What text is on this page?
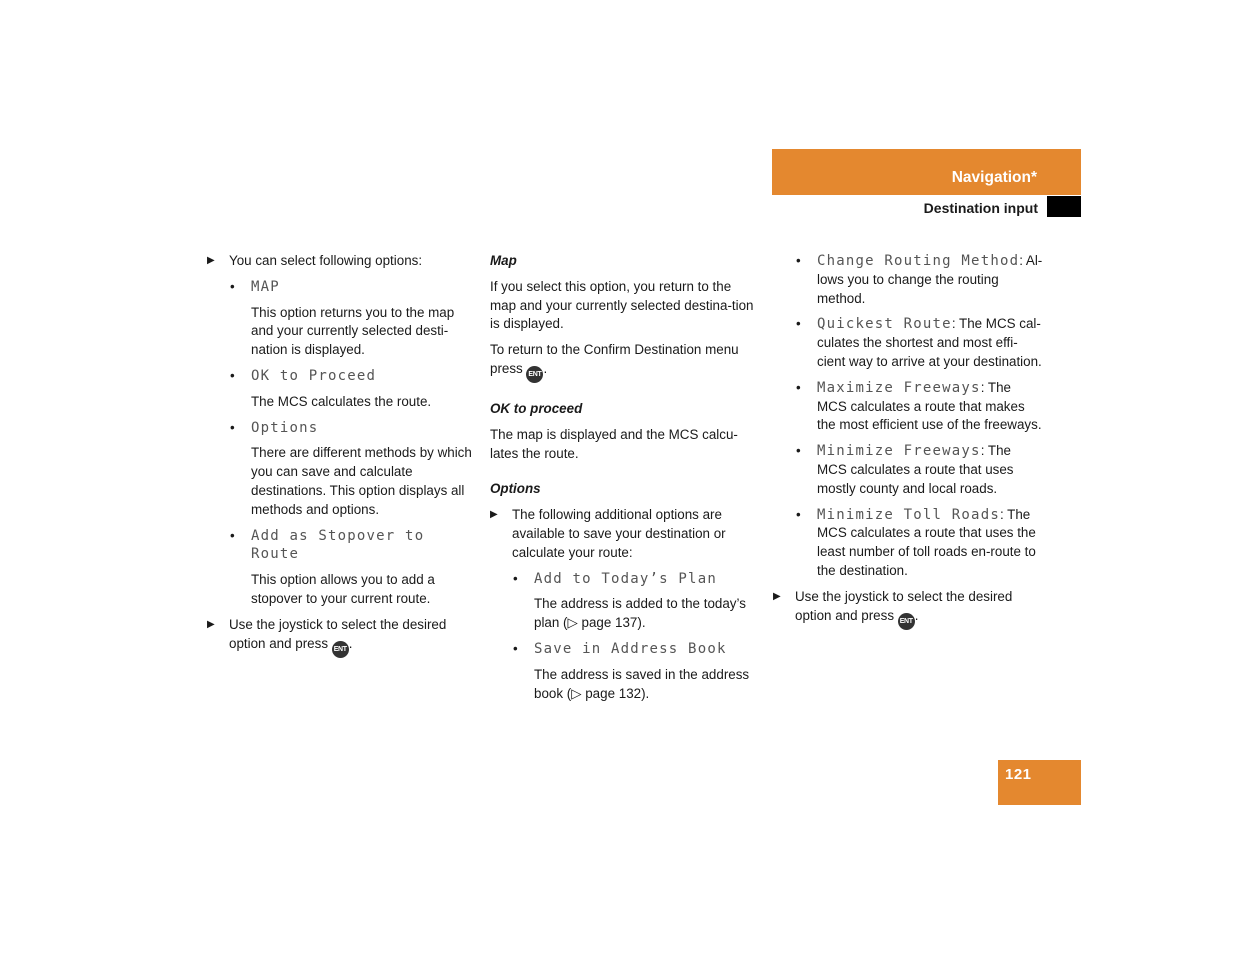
Navigation*
Destination input
121

▶ You can select following options:

• MAP

This option returns you to the map and your currently selected desti-nation is displayed.

• OK to Proceed

The MCS calculates the route.

• Options

There are different methods by which you can save and calculate destinations. This option displays all methods and options.

• Add as Stopover to Route

This option allows you to add a stopover to your current route.

▶ Use the joystick to select the desired option and press ENT .

Map

If you select this option, you return to the map and your currently selected destina-tion is displayed.

To return to the Confirm Destination menu press ENT .

OK to proceed

The map is displayed and the MCS calcu-lates the route.

Options

▶ The following additional options are available to save your destination or calculate your route:

• Add to Today’s Plan

The address is added to the today’s plan (▷ page 137).

• Save in Address Book

The address is saved in the address book (▷ page 132).

• Change Routing Method: Al-lows you to change the routing method.

• Quickest Route: The MCS cal-culates the shortest and most effi-cient way to arrive at your destination.

• Maximize Freeways: The MCS calculates a route that makes the most efficient use of the freeways.

• Minimize Freeways: The MCS calculates a route that uses mostly county and local roads.

• Minimize Toll Roads: The MCS calculates a route that uses the least number of toll roads en-route to the destination.

▶ Use the joystick to select the desired option and press ENT .
